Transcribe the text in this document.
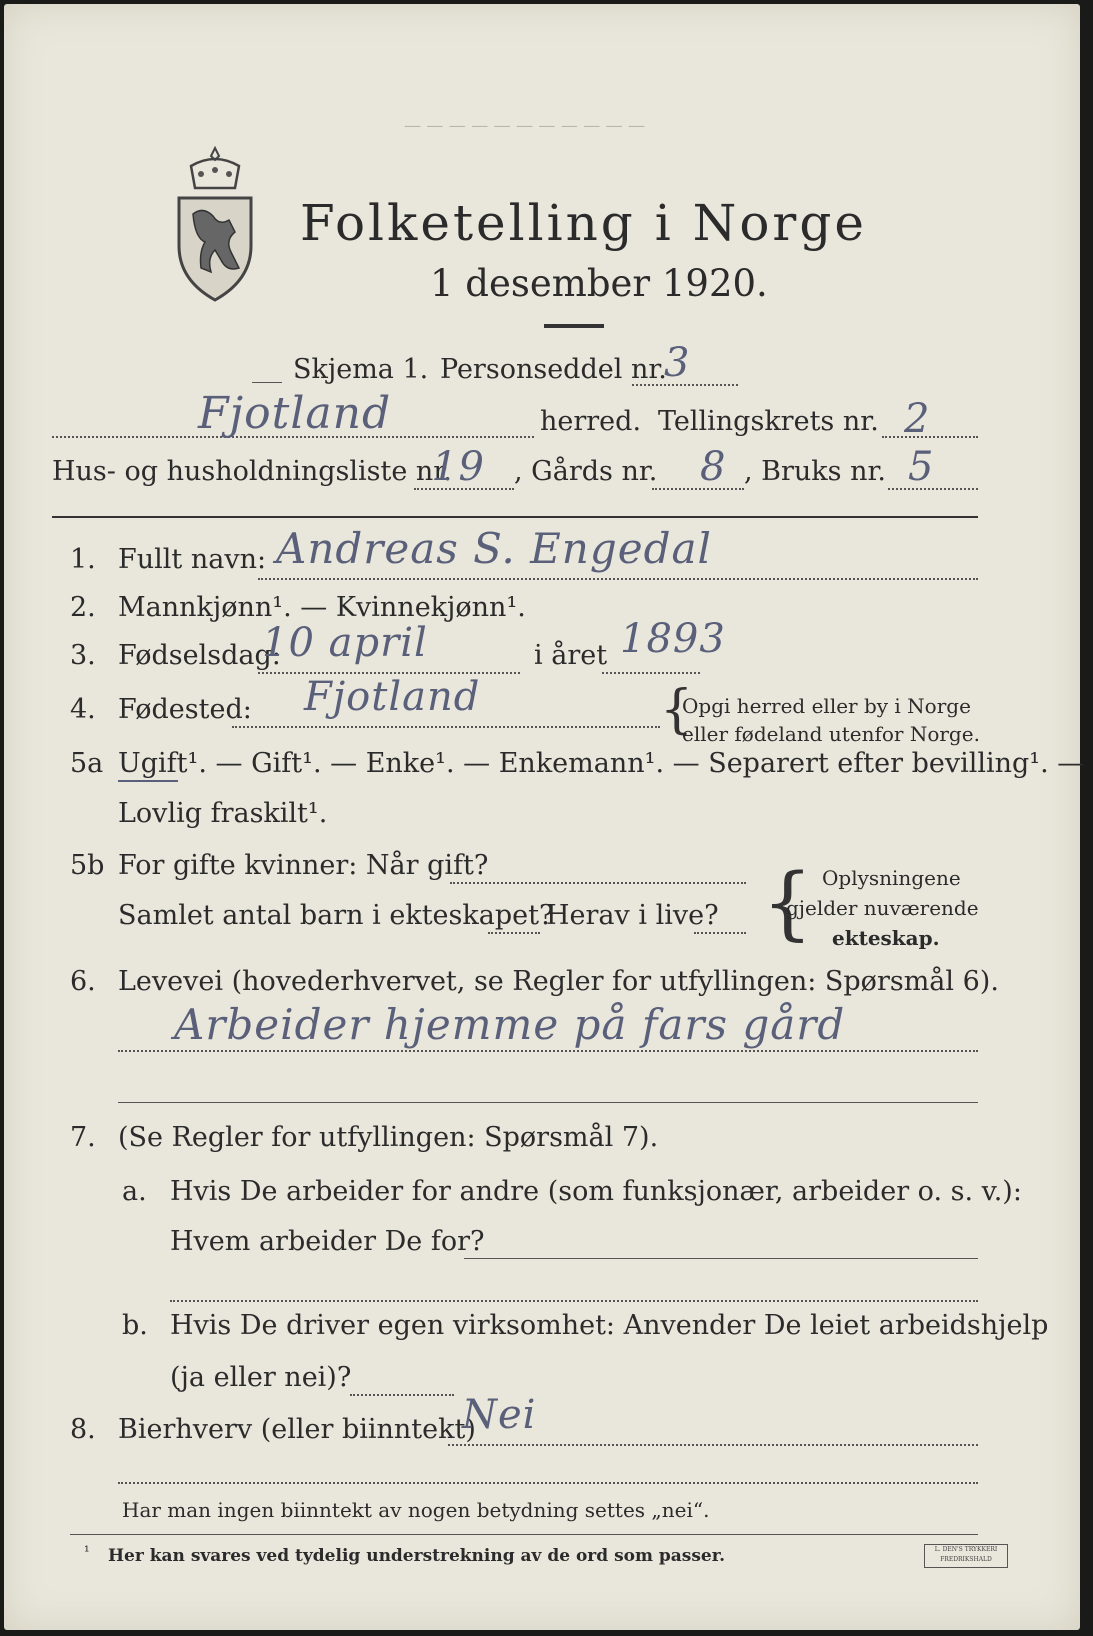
— — — — — — — — — — —
Folketelling i Norge
1 desember 1920.
Skjema 1. Personseddel nr.
3
Fjotland	herred. Tellingskrets nr. 2
Hus- og husholdningsliste nr.
19 , Gårds nr. 8 , Bruks nr. 5
1. Fullt navn: Andreas S. Engedal
2. Mannkjønn¹. — Kvinnekjønn¹.
3. Fødselsdag:
10 april	i året 1893
4. Fødested: Fjotland	{
Opgi herred eller by i Norge
eller fødeland utenfor Norge.
5a Ugift¹. — Gift¹. — Enke¹. — Enkemann¹. — Separert efter bevilling¹. —
Lovlig fraskilt¹.
5b For gifte kvinner: Når gift?
Samlet antal barn i ekteskapet?
Herav i live? { Oplysningene
gjelder nuværende
ekteskap.
6. Levevei (hovederhvervet, se Regler for utfyllingen: Spørsmål 6).
Arbeider hjemme på fars gård
7. (Se Regler for utfyllingen: Spørsmål 7).
a. Hvis De arbeider for andre (som funksjonær, arbeider o. s. v.):
Hvem arbeider De for?
b. Hvis De driver egen virksomhet: Anvender De leiet arbeidshjelp
(ja eller nei)?
8. Bierhverv (eller biinntekt)
Nei
Har man ingen biinntekt av nogen betydning settes „nei“.
¹ Her kan svares ved tydelig understrekning av de ord som passer.	L. DEN'S TRYKKERI FREDRIKSHALD
